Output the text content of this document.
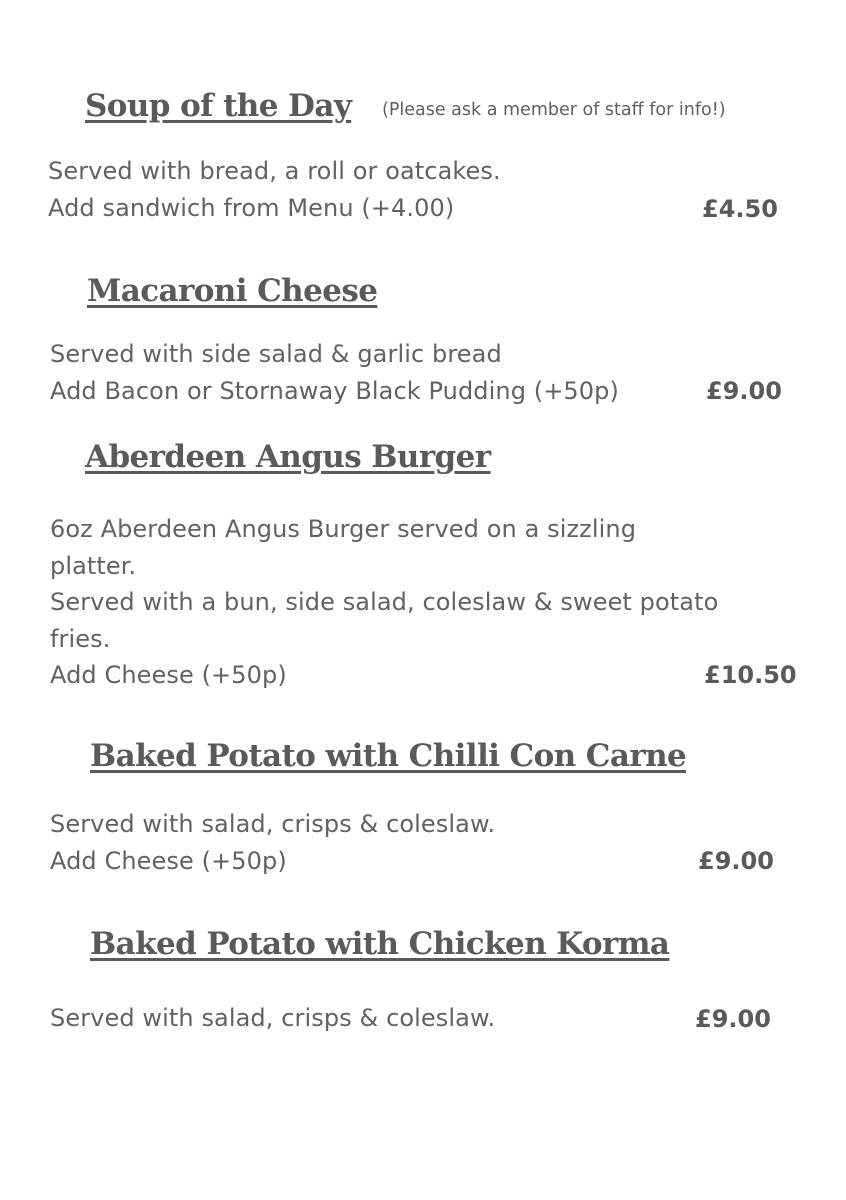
Soup of the Day (Please ask a member of staff for info!)
Served with bread, a roll or oatcakes.
Add sandwich from Menu (+4.00)	£4.50
Macaroni Cheese
Served with side salad & garlic bread
Add Bacon or Stornaway Black Pudding (+50p)	£9.00
Aberdeen Angus Burger
6oz Aberdeen Angus Burger served on a sizzling
platter.
Served with a bun, side salad, coleslaw & sweet potato
fries.
Add Cheese (+50p)	£10.50
Baked Potato with Chilli Con Carne
Served with salad, crisps & coleslaw.
Add Cheese (+50p)	£9.00
Baked Potato with Chicken Korma
Served with salad, crisps & coleslaw.	£9.00
